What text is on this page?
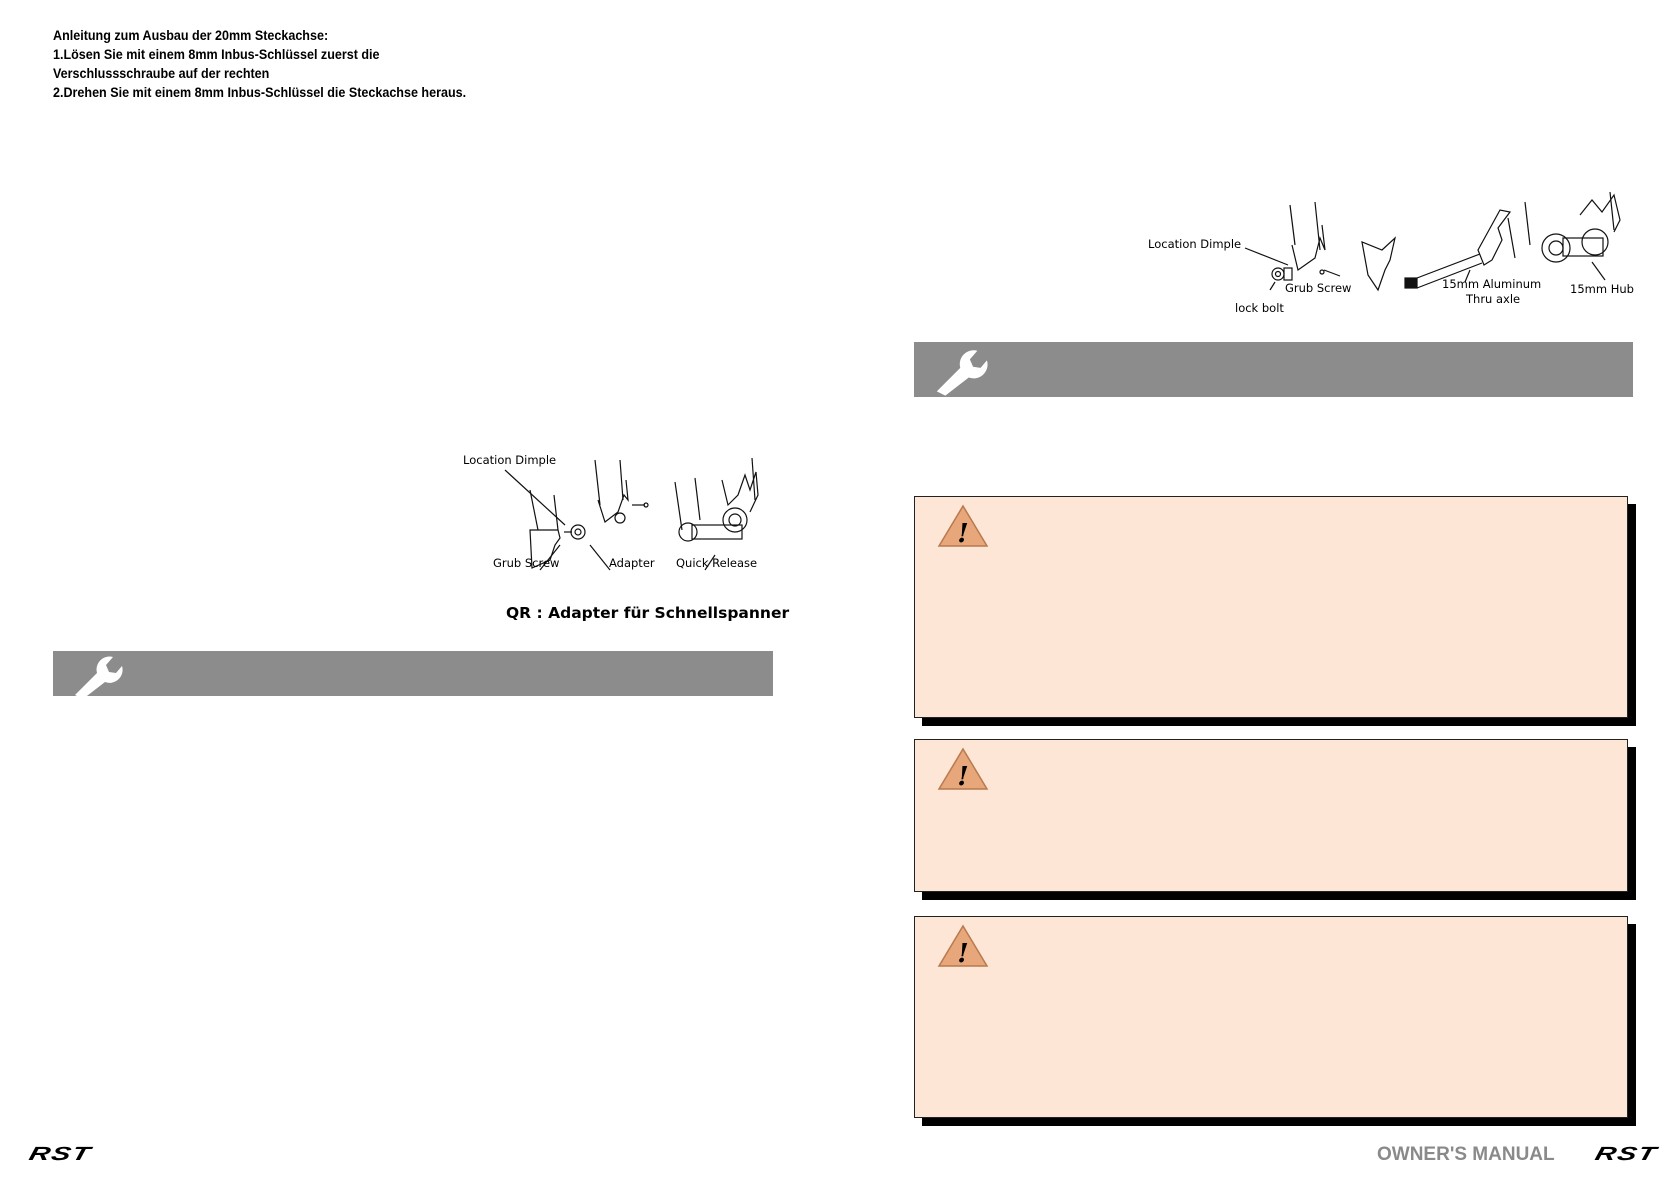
Anleitung zum Ausbau der 20mm Steckachse:
1.Lösen Sie mit einem 8mm Inbus-Schlüssel zuerst die
Verschlussschraube auf der rechten
2.Drehen Sie mit einem 8mm Inbus-Schlüssel die Steckachse heraus.
Location Dimple
Grub Screw	Adapter Quick Release
QR : Adapter für Schnellspanner
Location Dimple
Grub Screw
lock bolt
15mm Aluminum
Thru axle
15mm Hub
!
!
!
RST	OWNER'S MANUAL RST
